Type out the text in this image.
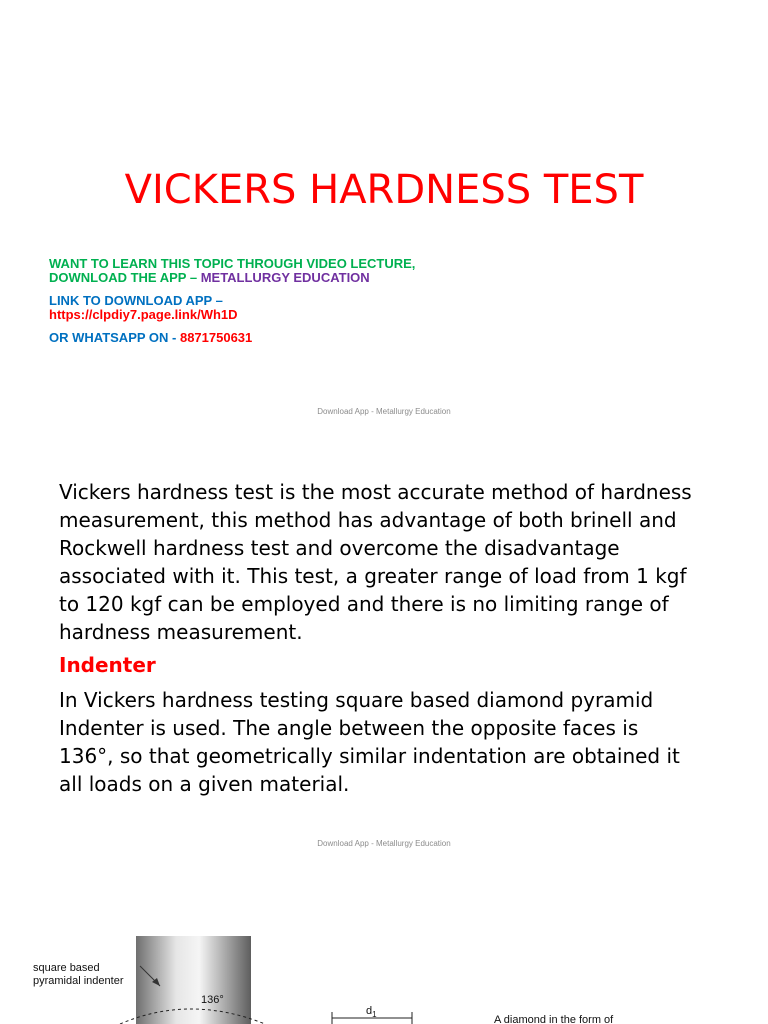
VICKERS HARDNESS TEST
WANT TO LEARN THIS TOPIC THROUGH VIDEO LECTURE,
DOWNLOAD THE APP – METALLURGY EDUCATION
LINK TO DOWNLOAD APP –
https://clpdiy7.page.link/Wh1D
OR WHATSAPP ON - 8871750631
Download App - Metallurgy Education
Vickers hardness test is the most accurate method of hardness
measurement, this method has advantage of both brinell and
Rockwell hardness test and overcome the disadvantage
associated with it. This test, a greater range of load from 1 kgf
to 120 kgf can be employed and there is no limiting range of
hardness measurement.
Indenter
In Vickers hardness testing square based diamond pyramid
Indenter is used. The angle between the opposite faces is
136°, so that geometrically similar indentation are obtained it
all loads on a given material.
Download App - Metallurgy Education
square based
pyramidal indenter
136°
$d_1$	A diamond in the form of
